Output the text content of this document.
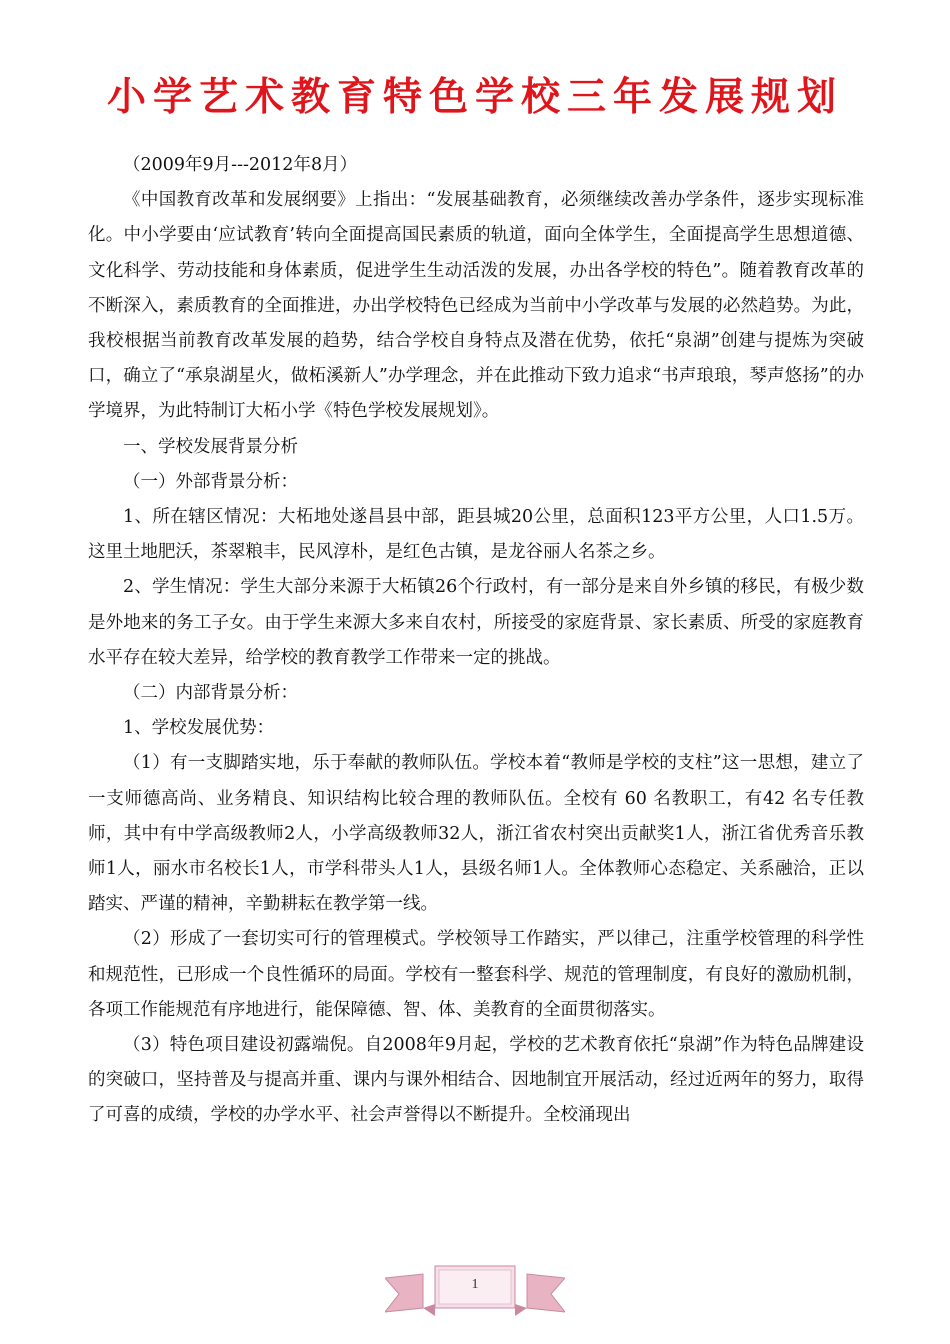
小学艺术教育特色学校三年发展规划

（2009年9月---2012年8月）

《中国教育改革和发展纲要》上指出：“发展基础教育，必须继续改善办学条件，逐步实现标准化。中小学要由‘应试教育’转向全面提高国民素质的轨道，面向全体学生，全面提高学生思想道德、文化科学、劳动技能和身体素质，促进学生生动活泼的发展，办出各学校的特色”。随着教育改革的不断深入，素质教育的全面推进，办出学校特色已经成为当前中小学改革与发展的必然趋势。为此，我校根据当前教育改革发展的趋势，结合学校自身特点及潜在优势，依托“泉湖”创建与提炼为突破口，确立了“承泉湖星火，做柘溪新人”办学理念，并在此推动下致力追求“书声琅琅，琴声悠扬”的办学境界，为此特制订大柘小学《特色学校发展规划》。

一、学校发展背景分析

（一）外部背景分析：

1、所在辖区情况：大柘地处遂昌县中部，距县城20公里，总面积123平方公里，人口1.5万。这里土地肥沃，茶翠粮丰，民风淳朴，是红色古镇，是龙谷丽人名茶之乡。

2、学生情况：学生大部分来源于大柘镇26个行政村，有一部分是来自外乡镇的移民，有极少数是外地来的务工子女。由于学生来源大多来自农村，所接受的家庭背景、家长素质、所受的家庭教育水平存在较大差异，给学校的教育教学工作带来一定的挑战。

（二）内部背景分析：

1、学校发展优势：

（1）有一支脚踏实地，乐于奉献的教师队伍。学校本着“教师是学校的支柱”这一思想，建立了一支师德高尚、业务精良、知识结构比较合理的教师队伍。全校有 60 名教职工，有42 名专任教师，其中有中学高级教师2人，小学高级教师32人，浙江省农村突出贡献奖1人，浙江省优秀音乐教师1人，丽水市名校长1人，市学科带头人1人，县级名师1人。全体教师心态稳定、关系融洽，正以踏实、严谨的精神，辛勤耕耘在教学第一线。

（2）形成了一套切实可行的管理模式。学校领导工作踏实，严以律己，注重学校管理的科学性和规范性，已形成一个良性循环的局面。学校有一整套科学、规范的管理制度，有良好的激励机制，各项工作能规范有序地进行，能保障德、智、体、美教育的全面贯彻落实。

（3）特色项目建设初露端倪。自2008年9月起，学校的艺术教育依托“泉湖”作为特色品牌建设的突破口，坚持普及与提高并重、课内与课外相结合、因地制宜开展活动，经过近两年的努力，取得了可喜的成绩，学校的办学水平、社会声誉得以不断提升。全校涌现出

1
